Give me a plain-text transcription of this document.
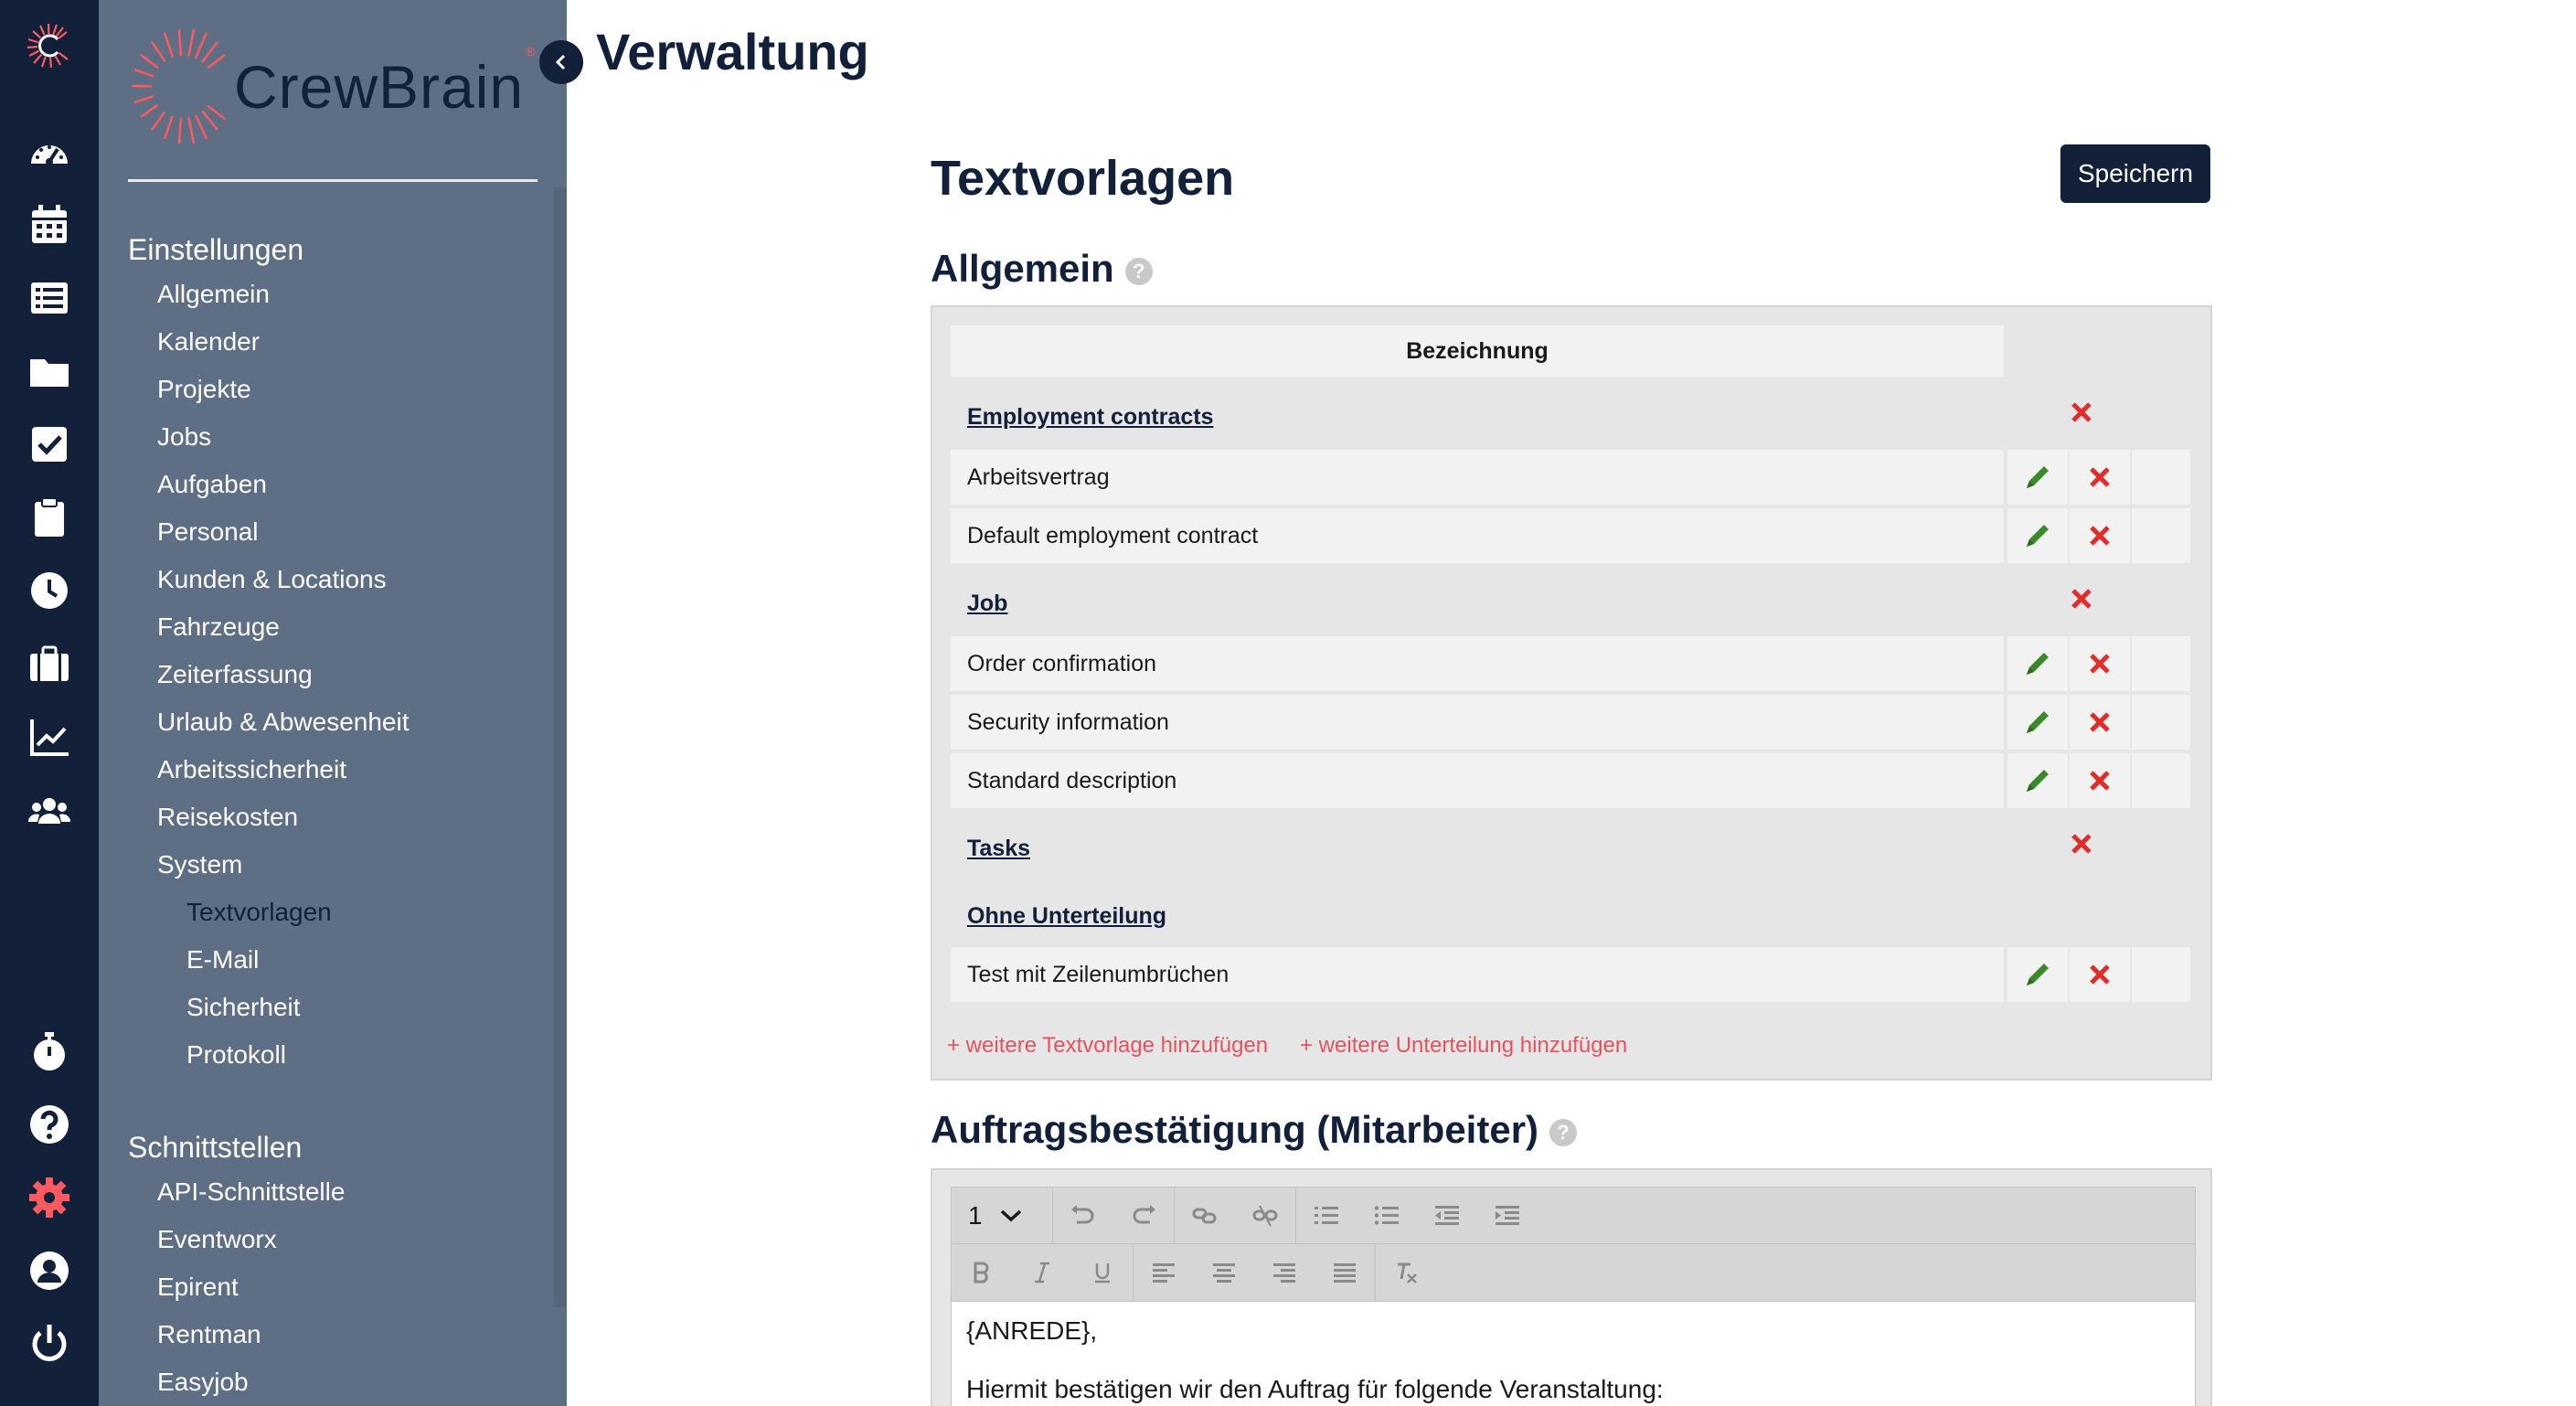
CrewBrain
®
Einstellungen
Allgemein
Kalender
Projekte
Jobs
Aufgaben
Personal
Kunden & Locations
Fahrzeuge
Zeiterfassung
Urlaub & Abwesenheit
Arbeitssicherheit
Reisekosten
System
Textvorlagen
E-Mail
Sicherheit
Protokoll
Schnittstellen
API-Schnittstelle
Eventworx
Epirent
Rentman
Easyjob
Verwaltung
Textvorlagen	Speichern
Allgemein ?
Bezeichnung
Employment contracts
Arbeitsvertrag
Default employment contract
Job
Order confirmation
Security information
Standard description
Tasks
Ohne Unterteilung
Test mit Zeilenumbrüchen
+ weitere Textvorlage hinzufügen + weitere Unterteilung hinzufügen
Auftragsbestätigung (Mitarbeiter) ?
1

{ANREDE},

Hiermit bestätigen wir den Auftrag für folgende Veranstaltung:
